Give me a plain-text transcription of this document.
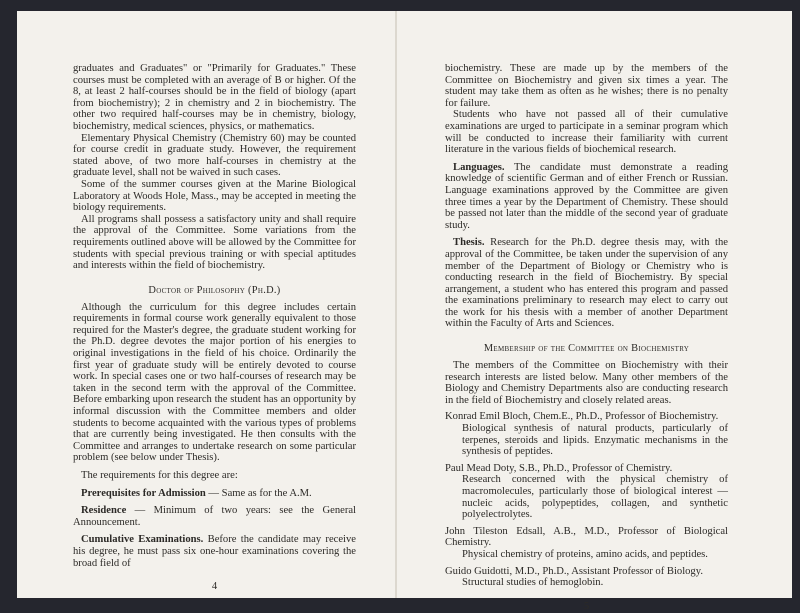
graduates and Graduates" or "Primarily for Graduates." These courses must be completed with an average of B or higher. Of the 8, at least 2 half-courses should be in the field of biology (apart from biochemistry); 2 in chemistry and 2 in biochemistry. The other two required half-courses may be in chemistry, biology, biochemistry, medical sciences, physics, or mathematics.

Elementary Physical Chemistry (Chemistry 60) may be counted for course credit in graduate study. However, the requirement stated above, of two more half-courses in chemistry at the graduate level, shall not be waived in such cases.

Some of the summer courses given at the Marine Biological Laboratory at Woods Hole, Mass., may be accepted in meeting the biology requirements.

All programs shall possess a satisfactory unity and shall require the approval of the Committee. Some variations from the requirements outlined above will be allowed by the Committee for students with special previous training or with special aptitudes and interests within the field of biochemistry.

Doctor of Philosophy (Ph.D.)

Although the curriculum for this degree includes certain requirements in formal course work generally equivalent to those required for the Master's degree, the graduate student working for the Ph.D. degree devotes the major portion of his energies to original investigations in the field of his choice. Ordinarily the first year of graduate study will be entirely devoted to course work. In special cases one or two half-courses of research may be taken in the second term with the approval of the Committee. Before embarking upon research the student has an opportunity by informal discussion with the Committee members and older students to become acquainted with the various types of problems that are currently being investigated. He then consults with the Committee and arranges to undertake research on some particular problem (see below under Thesis).

The requirements for this degree are:

Prerequisites for Admission — Same as for the A.M.

Residence — Minimum of two years: see the General Announcement.

Cumulative Examinations. Before the candidate may receive his degree, he must pass six one-hour examinations covering the broad field of

4

biochemistry. These are made up by the members of the Committee on Biochemistry and given six times a year. The student may take them as often as he wishes; there is no penalty for failure.

Students who have not passed all of their cumulative examinations are urged to participate in a seminar program which will be conducted to increase their familiarity with current literature in the various fields of biochemical research.

Languages. The candidate must demonstrate a reading knowledge of scientific German and of either French or Russian. Language examinations approved by the Committee are given three times a year by the Department of Chemistry. These should be passed not later than the middle of the second year of graduate study.

Thesis. Research for the Ph.D. degree thesis may, with the approval of the Committee, be taken under the supervision of any member of the Department of Biology or Chemistry who is conducting research in the field of Biochemistry. By special arrangement, a student who has entered this program and passed the examinations preliminary to research may elect to carry out the work for his thesis with a member of another Department within the Faculty of Arts and Sciences.

Membership of the Committee on Biochemistry

The members of the Committee on Biochemistry with their research interests are listed below. Many other members of the Biology and Chemistry Departments also are conducting research in the field of Biochemistry and closely related areas.

Konrad Emil Bloch, Chem.E., Ph.D., Professor of Biochemistry.
Biological synthesis of natural products, particularly of terpenes, steroids and lipids. Enzymatic mechanisms in the synthesis of peptides.
Paul Mead Doty, S.B., Ph.D., Professor of Chemistry.
Research concerned with the physical chemistry of macromolecules, particularly those of biological interest — nucleic acids, polypeptides, collagen, and synthetic polyelectrolytes.
John Tileston Edsall, A.B., M.D., Professor of Biological Chemistry.
Physical chemistry of proteins, amino acids, and peptides.
Guido Guidotti, M.D., Ph.D., Assistant Professor of Biology.
Structural studies of hemoglobin.
5
